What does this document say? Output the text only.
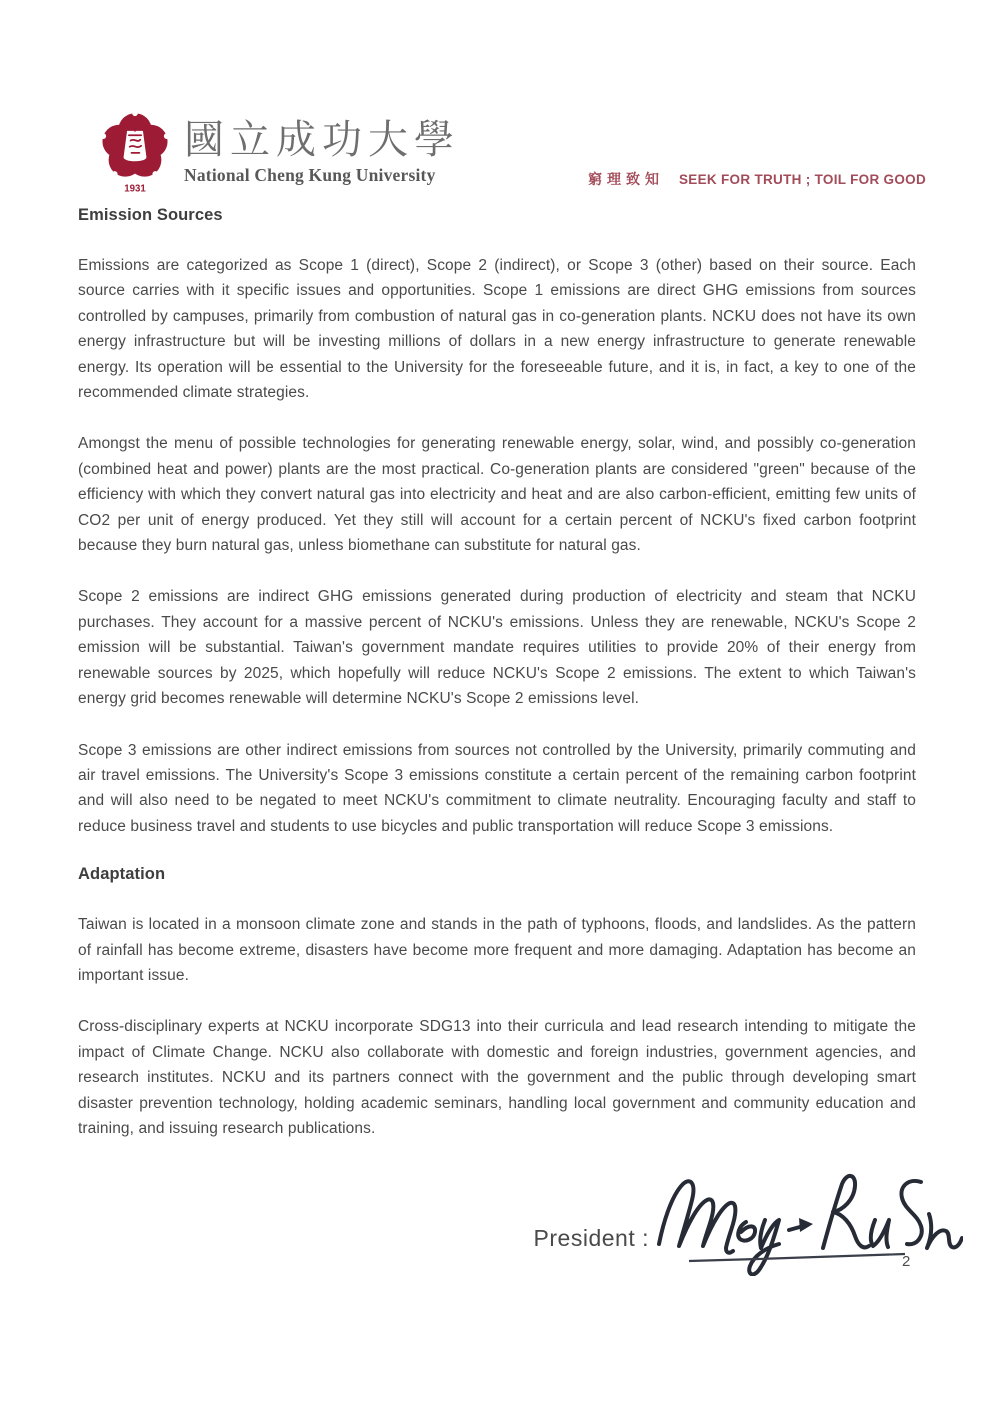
1931
國立成功大學
National Cheng Kung University	窮理致知 SEEK FOR TRUTH ; TOIL FOR GOOD
Emission Sources

Emissions are categorized as Scope 1 (direct), Scope 2 (indirect), or Scope 3 (other) based on their source. Each source carries with it specific issues and opportunities. Scope 1 emissions are direct GHG emissions from sources controlled by campuses, primarily from combustion of natural gas in co-generation plants. NCKU does not have its own energy infrastructure but will be investing millions of dollars in a new energy infrastructure to generate renewable energy. Its operation will be essential to the University for the foreseeable future, and it is, in fact, a key to one of the recommended climate strategies.

Amongst the menu of possible technologies for generating renewable energy, solar, wind, and possibly co-generation (combined heat and power) plants are the most practical. Co-generation plants are considered "green" because of the efficiency with which they convert natural gas into electricity and heat and are also carbon-efficient, emitting few units of CO2 per unit of energy produced. Yet they still will account for a certain percent of NCKU's fixed carbon footprint because they burn natural gas, unless biomethane can substitute for natural gas.

Scope 2 emissions are indirect GHG emissions generated during production of electricity and steam that NCKU purchases. They account for a massive percent of NCKU's emissions. Unless they are renewable, NCKU's Scope 2 emission will be substantial. Taiwan's government mandate requires utilities to provide 20% of their energy from renewable sources by 2025, which hopefully will reduce NCKU's Scope 2 emissions. The extent to which Taiwan's energy grid becomes renewable will determine NCKU's Scope 2 emissions level.

Scope 3 emissions are other indirect emissions from sources not controlled by the University, primarily commuting and air travel emissions. The University's Scope 3 emissions constitute a certain percent of the remaining carbon footprint and will also need to be negated to meet NCKU's commitment to climate neutrality. Encouraging faculty and staff to reduce business travel and students to use bicycles and public transportation will reduce Scope 3 emissions.

Adaptation

Taiwan is located in a monsoon climate zone and stands in the path of typhoons, floods, and landslides. As the pattern of rainfall has become extreme, disasters have become more frequent and more damaging. Adaptation has become an important issue.

Cross-disciplinary experts at NCKU incorporate SDG13 into their curricula and lead research intending to mitigate the impact of Climate Change. NCKU also collaborate with domestic and foreign industries, government agencies, and research institutes. NCKU and its partners connect with the government and the public through developing smart disaster prevention technology, holding academic seminars, handling local government and community education and training, and issuing research publications.

President :
2
